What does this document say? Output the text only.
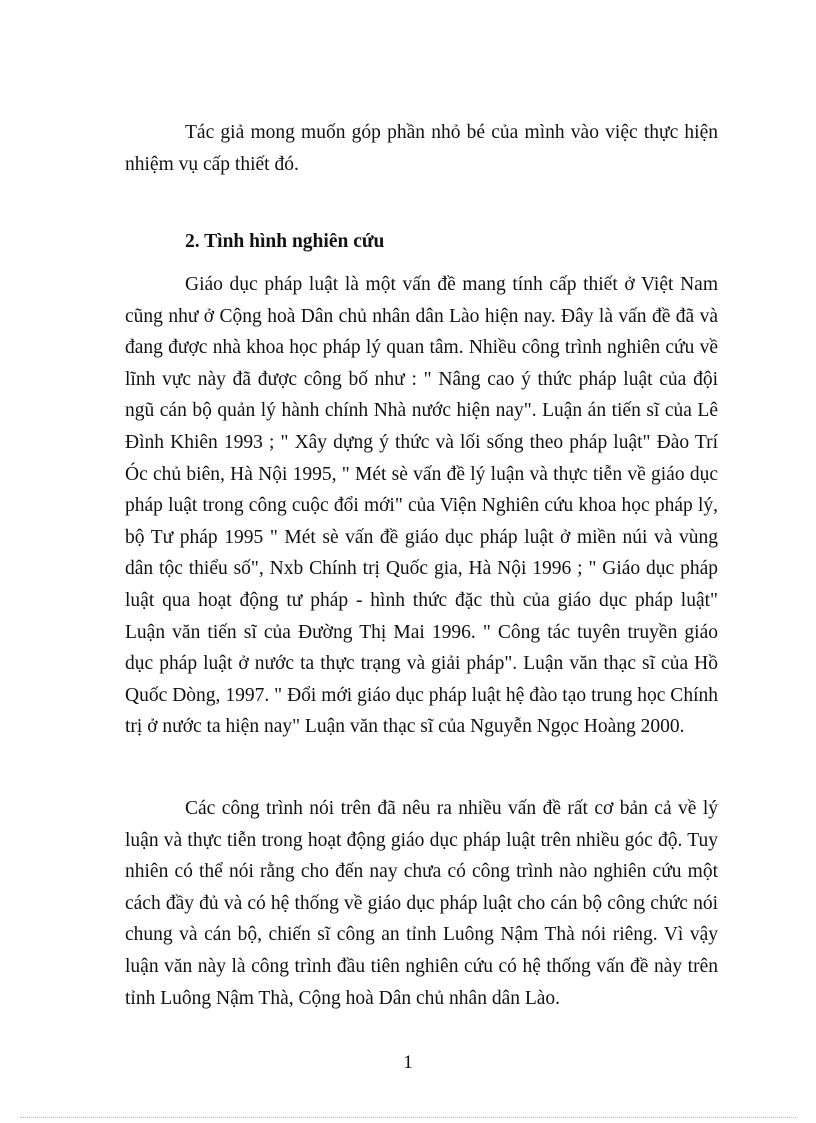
Tác giả mong muốn góp phần nhỏ bé của mình vào việc thực hiện nhiệm vụ cấp thiết đó.

2. Tình hình nghiên cứu

Giáo dục pháp luật là một vấn đề mang tính cấp thiết ở Việt Nam cũng như ở Cộng hoà Dân chủ nhân dân Lào hiện nay. Đây là vấn đề đã và đang được nhà khoa học pháp lý quan tâm. Nhiều công trình nghiên cứu về lĩnh vực này đã được công bố như : " Nâng cao ý thức pháp luật của đội ngũ cán bộ quản lý hành chính Nhà nước hiện nay". Luận án tiến sĩ của Lê Đình Khiên 1993 ; " Xây dựng ý thức và lối sống theo pháp luật" Đào Trí Óc chủ biên, Hà Nội 1995, " Mét sè vấn đề lý luận và thực tiễn về giáo dục pháp luật trong công cuộc đổi mới" của Viện Nghiên cứu khoa học pháp lý, bộ Tư pháp 1995 " Mét sè vấn đề giáo dục pháp luật ở miền núi và vùng dân tộc thiểu số", Nxb Chính trị Quốc gia, Hà Nội 1996 ; " Giáo dục pháp luật qua hoạt động tư pháp - hình thức đặc thù của giáo dục pháp luật" Luận văn tiến sĩ của Đường Thị Mai 1996. " Công tác tuyên truyền giáo dục pháp luật ở nước ta thực trạng và giải pháp". Luận văn thạc sĩ của Hồ Quốc Dòng, 1997. " Đổi mới giáo dục pháp luật hệ đào tạo trung học Chính trị ở nước ta hiện nay" Luận văn thạc sĩ của Nguyễn Ngọc Hoàng 2000.

Các công trình nói trên đã nêu ra nhiều vấn đề rất cơ bản cả về lý luận và thực tiễn trong hoạt động giáo dục pháp luật trên nhiều góc độ. Tuy nhiên có thể nói rằng cho đến nay chưa có công trình nào nghiên cứu một cách đầy đủ và có hệ thống về giáo dục pháp luật cho cán bộ công chức nói chung và cán bộ, chiến sĩ công an tỉnh Luông Nậm Thà nói riêng. Vì vậy luận văn này là công trình đầu tiên nghiên cứu có hệ thống vấn đề này trên tỉnh Luông Nậm Thà, Cộng hoà Dân chủ nhân dân Lào.

1
